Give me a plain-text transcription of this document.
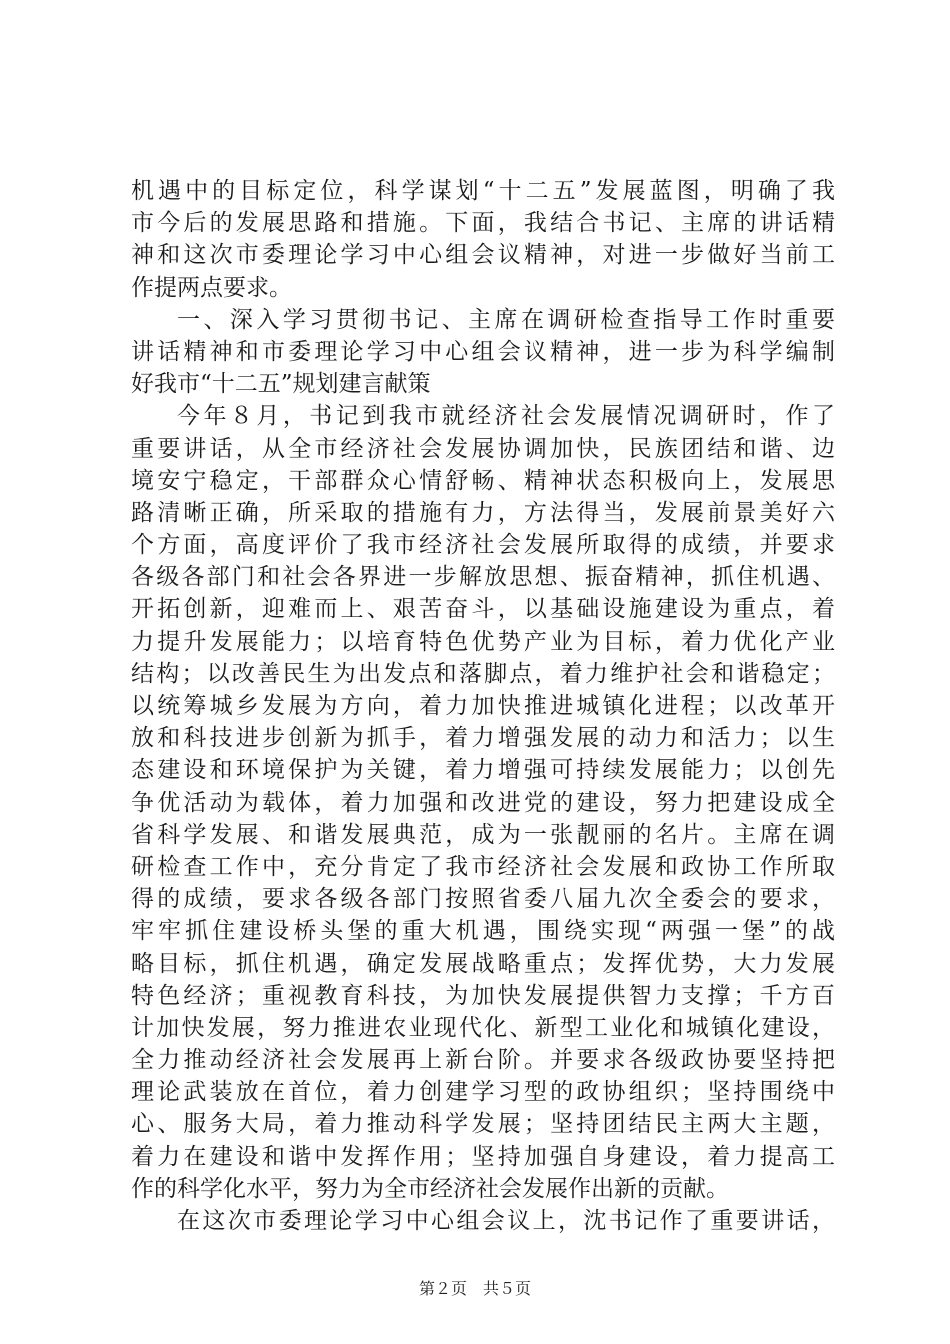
机遇中的目标定位，科学谋划“十二五”发展蓝图，明确了我
市今后的发展思路和措施。下面，我结合书记、主席的讲话精
神和这次市委理论学习中心组会议精神，对进一步做好当前工
作提两点要求。
一、深入学习贯彻书记、主席在调研检查指导工作时重要
讲话精神和市委理论学习中心组会议精神，进一步为科学编制
好我市“十二五”规划建言献策
今年８月，书记到我市就经济社会发展情况调研时，作了
重要讲话，从全市经济社会发展协调加快，民族团结和谐、边
境安宁稳定，干部群众心情舒畅、精神状态积极向上，发展思
路清晰正确，所采取的措施有力，方法得当，发展前景美好六
个方面，高度评价了我市经济社会发展所取得的成绩，并要求
各级各部门和社会各界进一步解放思想、振奋精神，抓住机遇、
开拓创新，迎难而上、艰苦奋斗，以基础设施建设为重点，着
力提升发展能力；以培育特色优势产业为目标，着力优化产业
结构；以改善民生为出发点和落脚点，着力维护社会和谐稳定；
以统筹城乡发展为方向，着力加快推进城镇化进程；以改革开
放和科技进步创新为抓手，着力增强发展的动力和活力；以生
态建设和环境保护为关键，着力增强可持续发展能力；以创先
争优活动为载体，着力加强和改进党的建设，努力把建设成全
省科学发展、和谐发展典范，成为一张靓丽的名片。主席在调
研检查工作中，充分肯定了我市经济社会发展和政协工作所取
得的成绩，要求各级各部门按照省委八届九次全委会的要求，
牢牢抓住建设桥头堡的重大机遇，围绕实现“两强一堡”的战
略目标，抓住机遇，确定发展战略重点；发挥优势，大力发展
特色经济；重视教育科技，为加快发展提供智力支撑；千方百
计加快发展，努力推进农业现代化、新型工业化和城镇化建设，
全力推动经济社会发展再上新台阶。并要求各级政协要坚持把
理论武装放在首位，着力创建学习型的政协组织；坚持围绕中
心、服务大局，着力推动科学发展；坚持团结民主两大主题，
着力在建设和谐中发挥作用；坚持加强自身建设，着力提高工
作的科学化水平，努力为全市经济社会发展作出新的贡献。
在这次市委理论学习中心组会议上，沈书记作了重要讲话，
第２页　共５页
